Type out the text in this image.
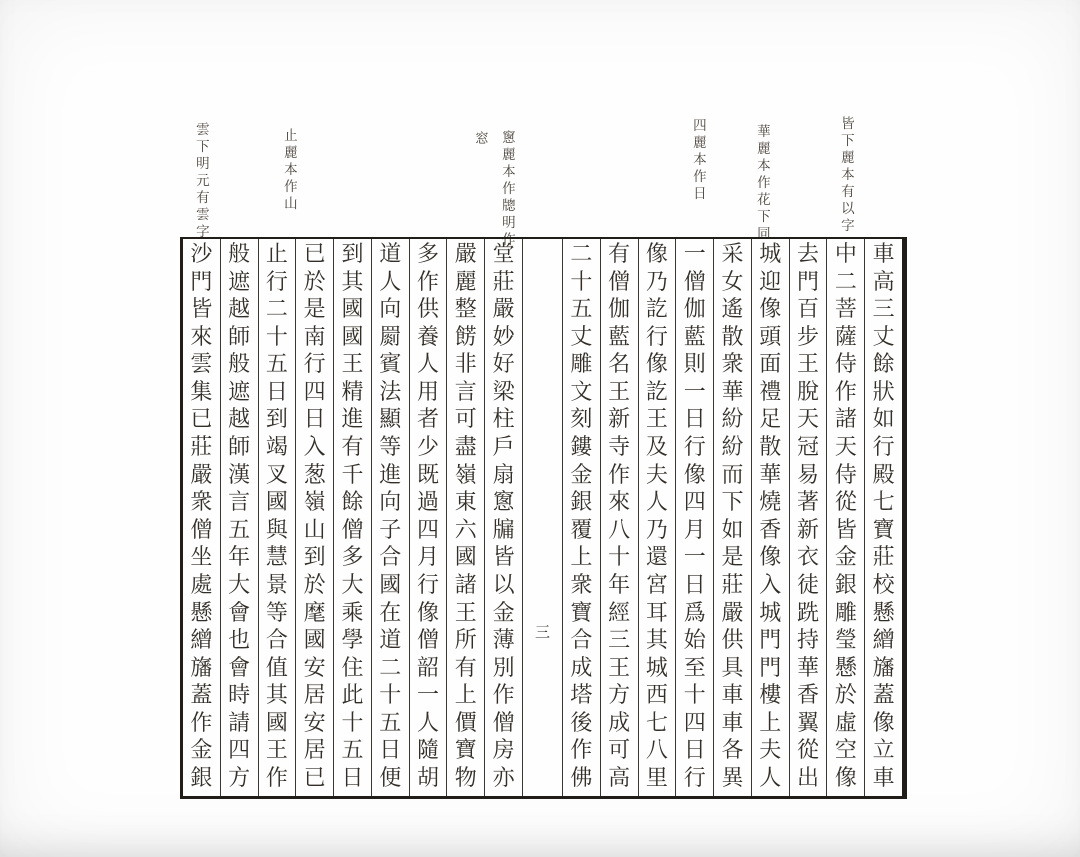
皆下麗本有以字
華麗本作花下同
四麗本作日
窻麗本作牕明作
窓
止麗本作山
雲下明元有雲字
車
高
三
丈
餘
狀
如
行
殿
七
寶
莊
校
懸
繒
旛
蓋
像
立
車
中
二
菩
薩
侍
作
諸
天
侍
從
皆
金
銀
雕
瑩
懸
於
虛
空
像
去
門
百
步
王
脫
天
冠
易
著
新
衣
徒
跣
持
華
香
翼
從
出
城
迎
像
頭
面
禮
足
散
華
燒
香
像
入
城
門
門
樓
上
夫
人
采
女
遙
散
衆
華
紛
紛
而
下
如
是
莊
嚴
供
具
車
車
各
異
一
僧
伽
藍
則
一
日
行
像
四
月
一
日
爲
始
至
十
四
日
行
像
乃
訖
行
像
訖
王
及
夫
人
乃
還
宮
耳
其
城
西
七
八
里
有
僧
伽
藍
名
王
新
寺
作
來
八
十
年
經
三
王
方
成
可
高
二
十
五
丈
雕
文
刻
鏤
金
銀
覆
上
衆
寶
合
成
塔
後
作
佛
三
堂
莊
嚴
妙
好
梁
柱
戶
扇
窻
牖
皆
以
金
薄
別
作
僧
房
亦
嚴
麗
整
餝
非
言
可
盡
嶺
東
六
國
諸
王
所
有
上
價
寶
物
多
作
供
養
人
用
者
少
既
過
四
月
行
像
僧
韶
一
人
隨
胡
道
人
向
罽
賓
法
顯
等
進
向
子
合
國
在
道
二
十
五
日
便
到
其
國
國
王
精
進
有
千
餘
僧
多
大
乘
學
住
此
十
五
日
已
於
是
南
行
四
日
入
葱
嶺
山
到
於
麾
國
安
居
安
居
已
止
行
二
十
五
日
到
竭
叉
國
與
慧
景
等
合
值
其
國
王
作
般
遮
越
師
般
遮
越
師
漢
言
五
年
大
會
也
會
時
請
四
方
沙
門
皆
來
雲
集
已
莊
嚴
衆
僧
坐
處
懸
繒
旛
蓋
作
金
銀
